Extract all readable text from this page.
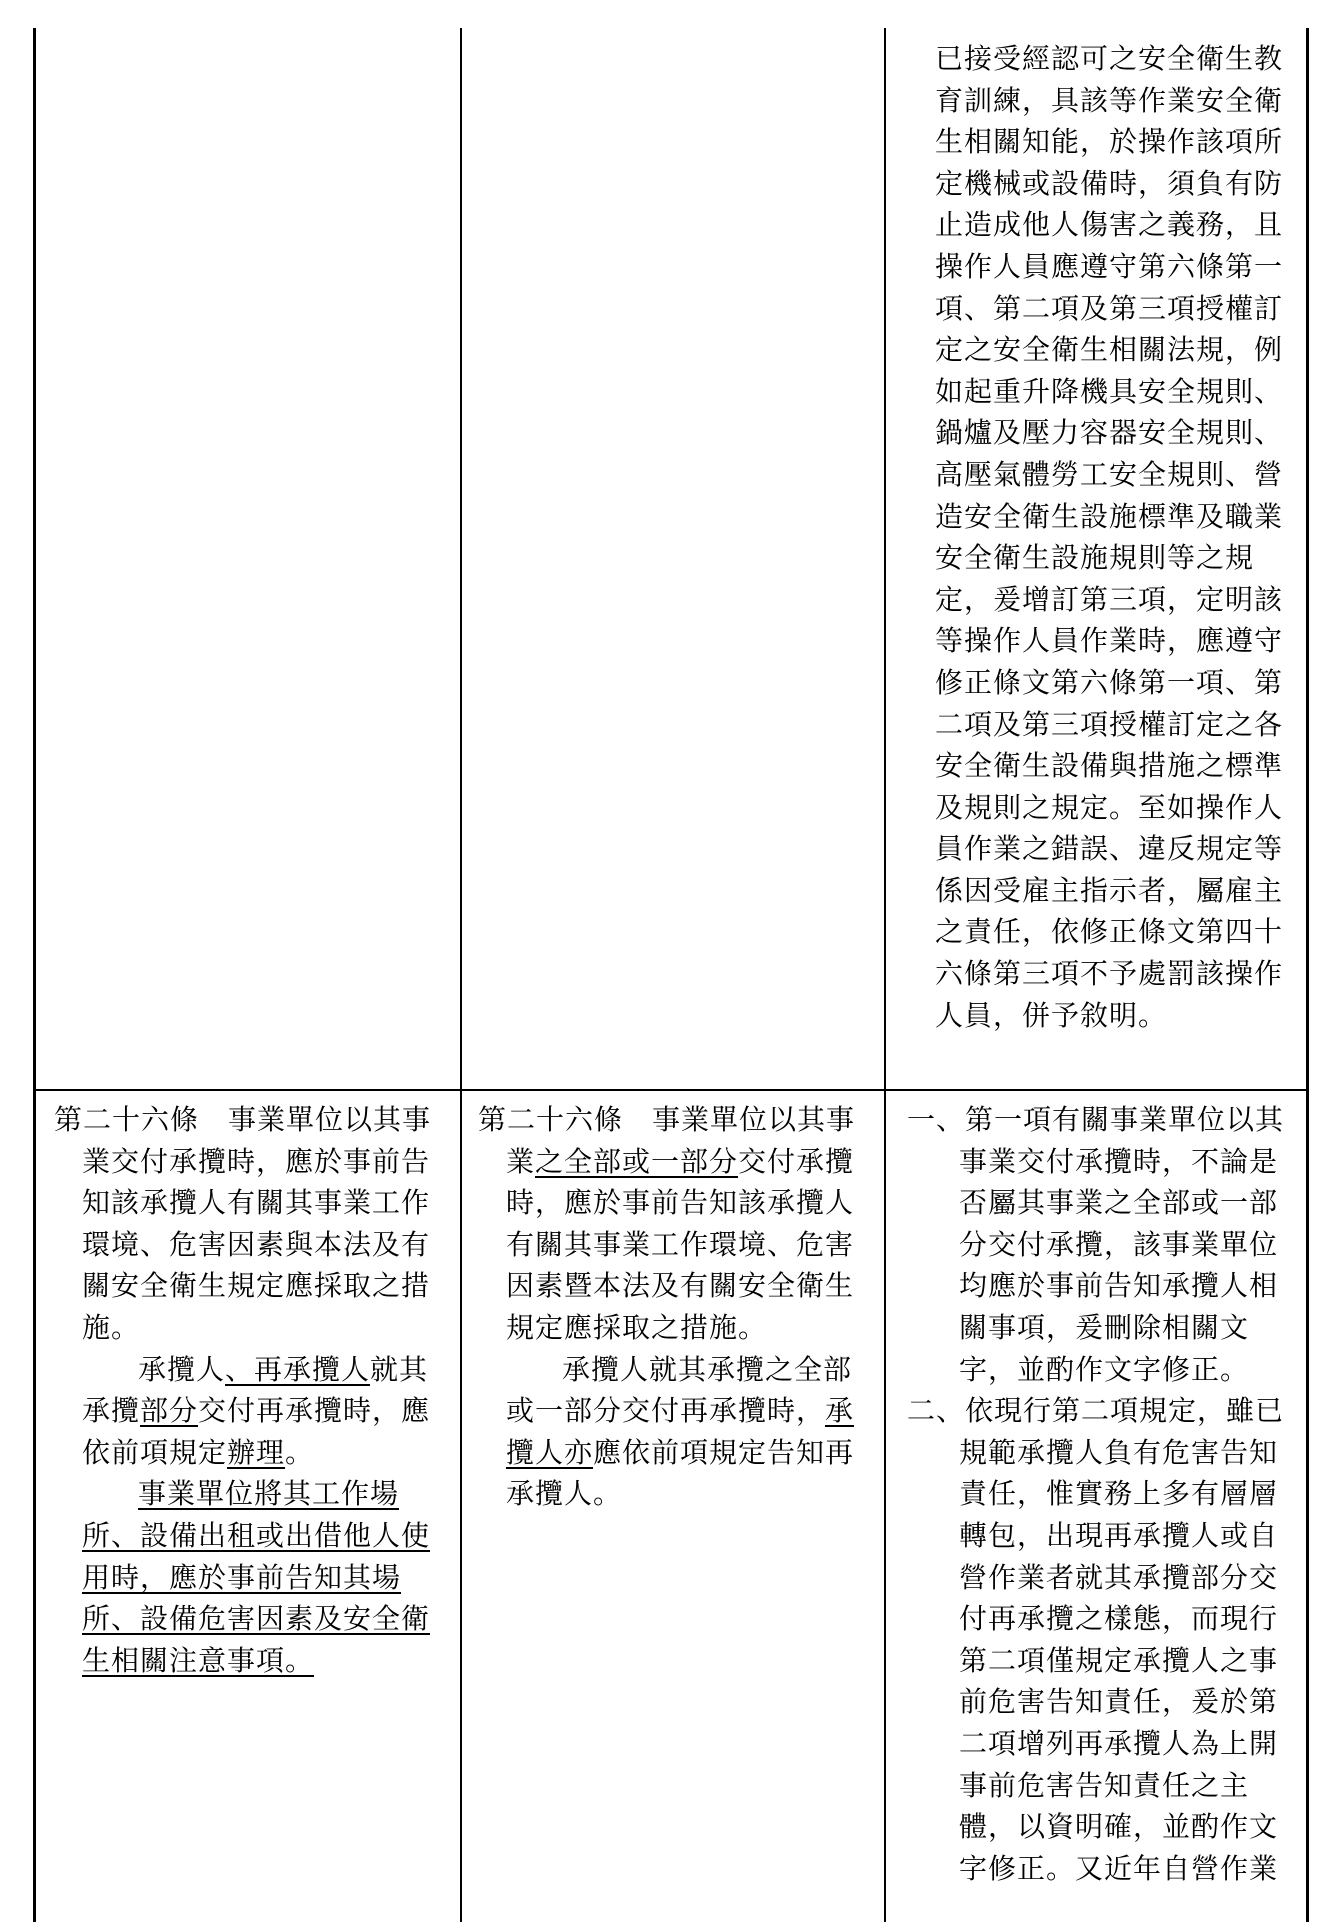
已接受經認可之安全衛生教育訓練，具該等作業安全衛生相關知能，於操作該項所定機械或設備時，須負有防止造成他人傷害之義務，且操作人員應遵守第六條第一項、第二項及第三項授權訂定之安全衛生相關法規，例如起重升降機具安全規則、鍋爐及壓力容器安全規則、高壓氣體勞工安全規則、營造安全衛生設施標準及職業安全衛生設施規則等之規定，爰增訂第三項，定明該等操作人員作業時，應遵守修正條文第六條第一項、第二項及第三項授權訂定之各安全衛生設備與措施之標準及規則之規定。至如操作人員作業之錯誤、違反規定等係因受雇主指示者，屬雇主之責任，依修正條文第四十六條第三項不予處罰該操作人員，併予敘明。

第二十六條　事業單位以其事業交付承攬時，應於事前告知該承攬人有關其事業工作環境、危害因素與本法及有關安全衛生規定應採取之措施。

承攬人、再承攬人就其承攬部分交付再承攬時，應依前項規定辦理。

事業單位將其工作場所、設備出租或出借他人使用時，應於事前告知其場所、設備危害因素及安全衛生相關注意事項。

第二十六條　事業單位以其事業之全部或一部分交付承攬時，應於事前告知該承攬人有關其事業工作環境、危害因素暨本法及有關安全衛生規定應採取之措施。

承攬人就其承攬之全部或一部分交付再承攬時，承攬人亦應依前項規定告知再承攬人。

一、第一項有關事業單位以其事業交付承攬時，不論是否屬其事業之全部或一部分交付承攬，該事業單位均應於事前告知承攬人相關事項，爰刪除相關文字，並酌作文字修正。

二、依現行第二項規定，雖已規範承攬人負有危害告知責任，惟實務上多有層層轉包，出現再承攬人或自營作業者就其承攬部分交付再承攬之樣態，而現行第二項僅規定承攬人之事前危害告知責任，爰於第二項增列再承攬人為上開事前危害告知責任之主體，以資明確，並酌作文字修正。又近年自營作業
